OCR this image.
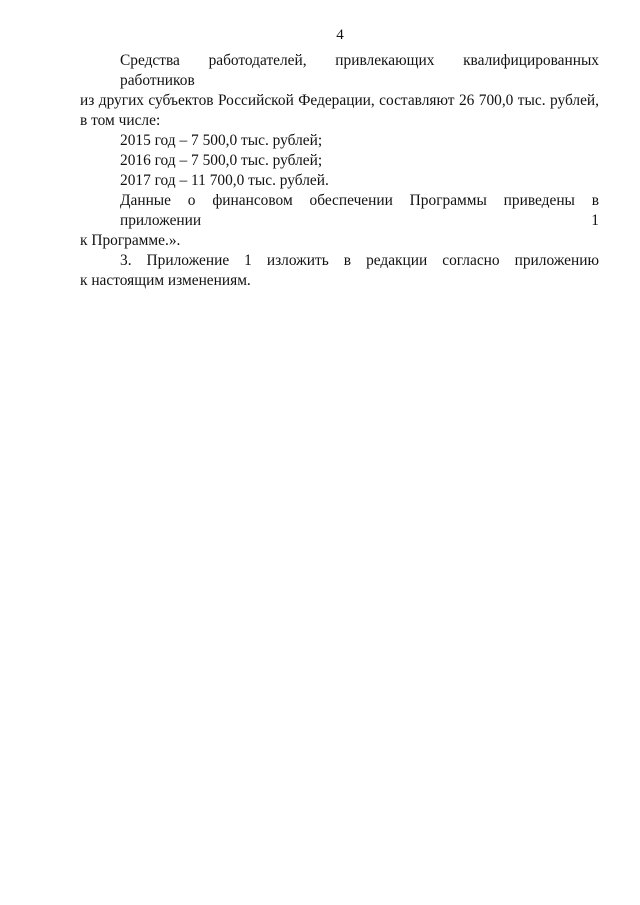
4
Средства работодателей, привлекающих квалифицированных работников
из других субъектов Российской Федерации, составляют 26 700,0 тыс. рублей,
в том числе:
2015 год – 7 500,0 тыс. рублей;
2016 год – 7 500,0 тыс. рублей;
2017 год – 11 700,0 тыс. рублей.
Данные о финансовом обеспечении Программы приведены в приложении 1
к Программе.».
3. Приложение 1 изложить в редакции согласно приложению
к настоящим изменениям.
